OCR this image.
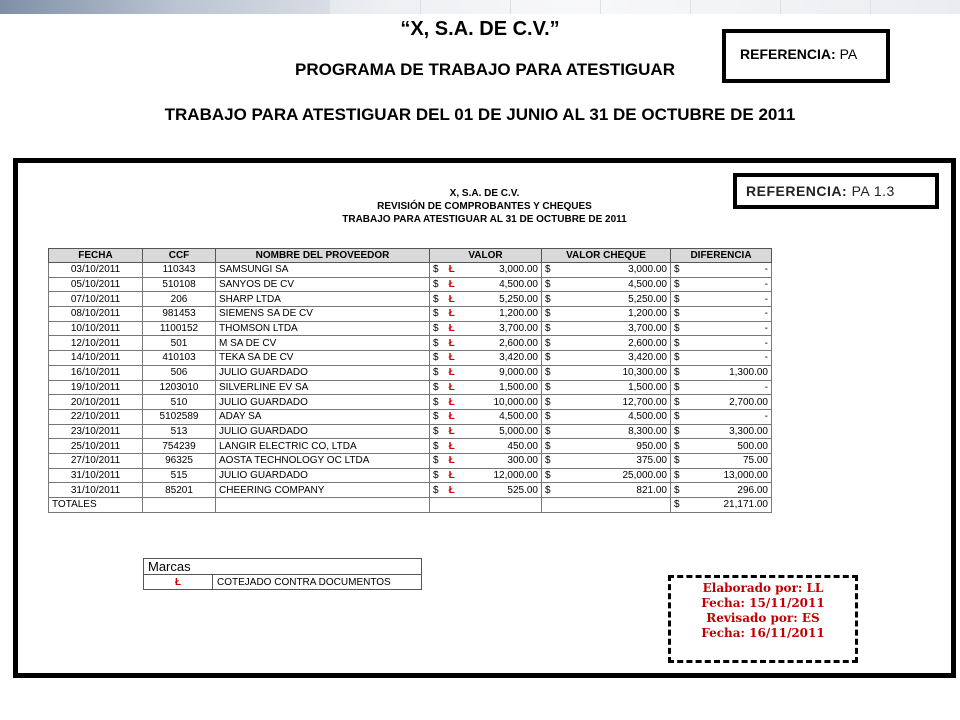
“X, S.A. DE C.V.”
PROGRAMA DE TRABAJO PARA ATESTIGUAR
TRABAJO PARA ATESTIGUAR DEL 01 DE JUNIO AL 31 DE OCTUBRE DE 2011
REFERENCIA: PA
X, S.A. DE C.V.
REVISIÓN DE COMPROBANTES Y CHEQUES
TRABAJO PARA ATESTIGUAR AL 31 DE OCTUBRE DE 2011
REFERENCIA: PA 1.3
FECHA	CCF	NOMBRE DEL PROVEEDOR	VALOR	VALOR CHEQUE	DIFERENCIA
03/10/2011	110343	SAMSUNGI SA	$ Ł 3,000.00	$ 3,000.00	$ -

05/10/2011	510108	SANYOS DE CV	$ Ł 4,500.00	$ 4,500.00	$ -

07/10/2011	206	SHARP LTDA	$ Ł 5,250.00	$ 5,250.00	$ -

08/10/2011	981453	SIEMENS SA DE CV	$ Ł 1,200.00	$ 1,200.00	$ -

10/10/2011	1100152	THOMSON LTDA	$ Ł 3,700.00	$ 3,700.00	$ -

12/10/2011	501	M SA DE CV	$ Ł 2,600.00	$ 2,600.00	$ -

14/10/2011	410103	TEKA SA DE CV	$ Ł 3,420.00	$ 3,420.00	$ -

16/10/2011	506	JULIO GUARDADO	$ Ł 9,000.00	$ 10,300.00	$ 1,300.00

19/10/2011	1203010	SILVERLINE EV SA	$ Ł 1,500.00	$ 1,500.00	$ -

20/10/2011	510	JULIO GUARDADO	$ Ł 10,000.00	$ 12,700.00	$ 2,700.00

22/10/2011	5102589	ADAY SA	$ Ł 4,500.00	$ 4,500.00	$ -

23/10/2011	513	JULIO GUARDADO	$ Ł 5,000.00	$ 8,300.00	$ 3,300.00

25/10/2011	754239	LANGIR ELECTRIC CO, LTDA	$ Ł 450.00	$ 950.00	$ 500.00

27/10/2011	96325	AOSTA TECHNOLOGY OC LTDA	$ Ł 300.00	$ 375.00	$ 75.00

31/10/2011	515	JULIO GUARDADO	$ Ł 12,000.00	$ 25,000.00	$ 13,000.00

31/10/2011	85201	CHEERING COMPANY	$ Ł 525.00	$ 821.00	$ 296.00

TOTALES					$ 21,171.00
Marcas
Ł	COTEJADO CONTRA DOCUMENTOS	Elaborado por: LL
Fecha: 15/11/2011
Revisado por: ES
Fecha: 16/11/2011
